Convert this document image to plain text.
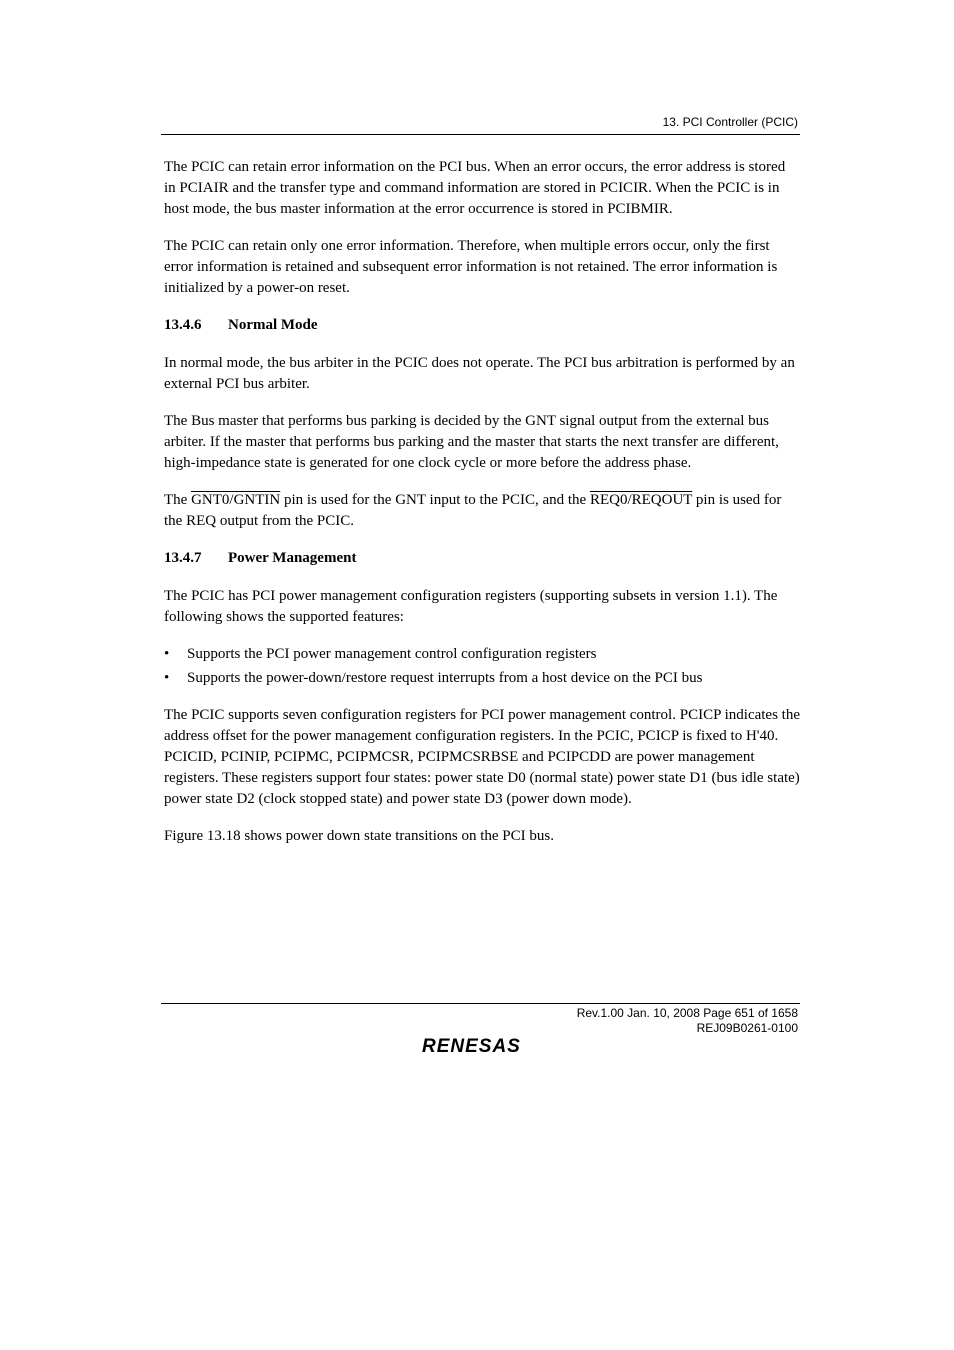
13. PCI Controller (PCIC)

The PCIC can retain error information on the PCI bus. When an error occurs, the error address is stored in PCIAIR and the transfer type and command information are stored in PCICIR. When the PCIC is in host mode, the bus master information at the error occurrence is stored in PCIBMIR.

The PCIC can retain only one error information. Therefore, when multiple errors occur, only the first error information is retained and subsequent error information is not retained. The error information is initialized by a power-on reset.

13.4.6 Normal Mode

In normal mode, the bus arbiter in the PCIC does not operate. The PCI bus arbitration is performed by an external PCI bus arbiter.

The Bus master that performs bus parking is decided by the GNT signal output from the external bus arbiter. If the master that performs bus parking and the master that starts the next transfer are different, high-impedance state is generated for one clock cycle or more before the address phase.

The GNT0/GNTIN pin is used for the GNT input to the PCIC, and the REQ0/REQOUT pin is used for the REQ output from the PCIC.

13.4.7 Power Management

The PCIC has PCI power management configuration registers (supporting subsets in version 1.1). The following shows the supported features:

• Supports the PCI power management control configuration registers
• Supports the power-down/restore request interrupts from a host device on the PCI bus

The PCIC supports seven configuration registers for PCI power management control. PCICP indicates the address offset for the power management configuration registers. In the PCIC, PCICP is fixed to H'40. PCICID, PCINIP, PCIPMC, PCIPMCSR, PCIPMCSRBSE and PCIPCDD are power management registers. These registers support four states: power state D0 (normal state) power state D1 (bus idle state) power state D2 (clock stopped state) and power state D3 (power down mode).

Figure 13.18 shows power down state transitions on the PCI bus.

Rev.1.00 Jan. 10, 2008 Page 651 of 1658
REJ09B0261-0100
RENESAS
